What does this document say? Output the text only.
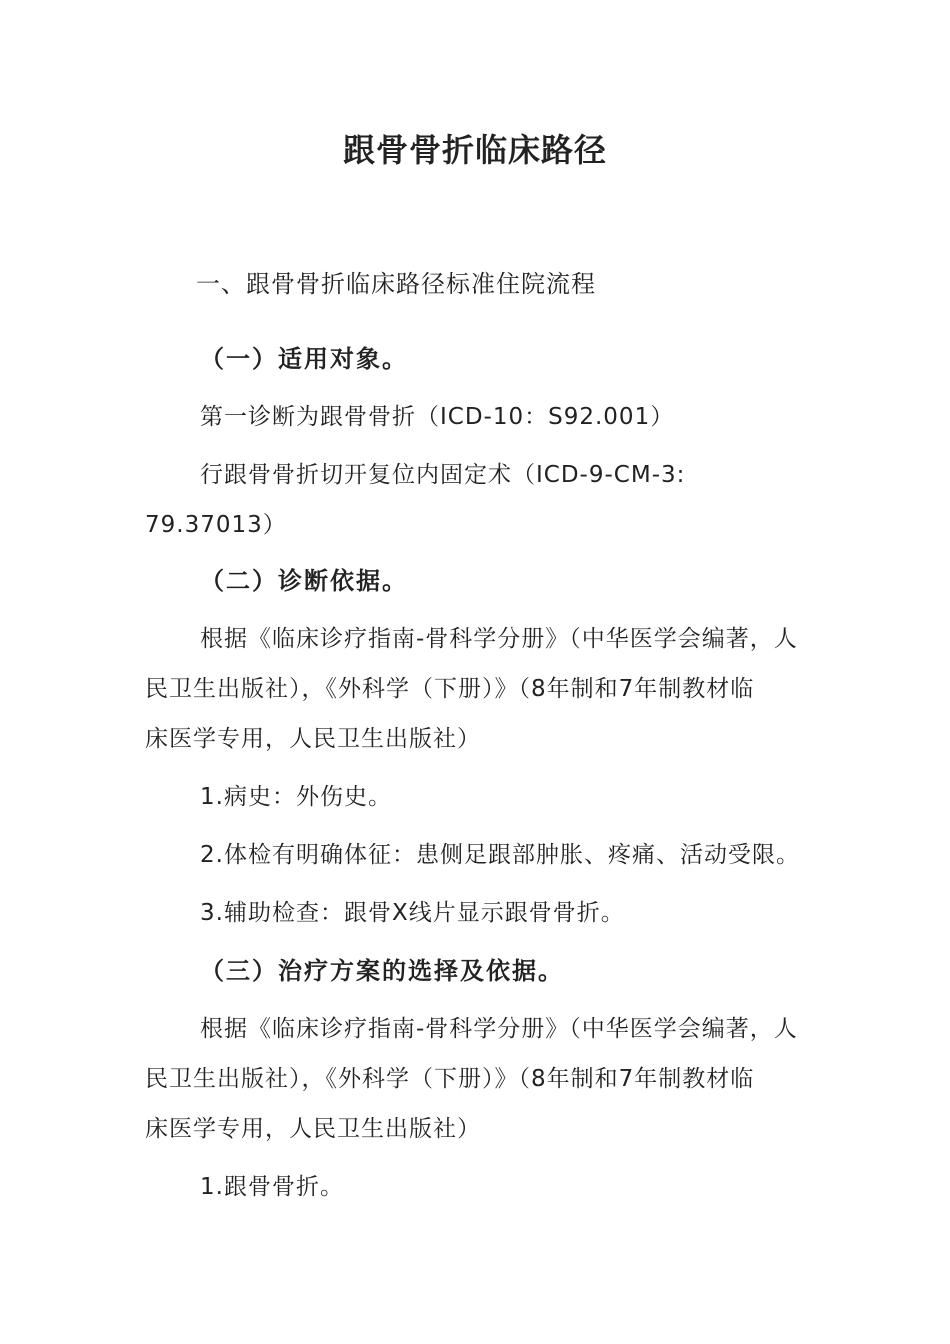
跟骨骨折临床路径
一、跟骨骨折临床路径标准住院流程
（一）适用对象。
第一诊断为跟骨骨折（ICD-10：S92.001）
行跟骨骨折切开复位内固定术（ICD-9-CM-3:
79.37013）
（二）诊断依据。
根据《临床诊疗指南-骨科学分册》（中华医学会编著，人
民卫生出版社），《外科学（下册）》（8年制和7年制教材临
床医学专用，人民卫生出版社）
1.病史：外伤史。
2.体检有明确体征：患侧足跟部肿胀、疼痛、活动受限。
3.辅助检查：跟骨X线片显示跟骨骨折。
（三）治疗方案的选择及依据。
根据《临床诊疗指南-骨科学分册》（中华医学会编著，人
民卫生出版社），《外科学（下册）》（8年制和7年制教材临
床医学专用，人民卫生出版社）
1.跟骨骨折。
